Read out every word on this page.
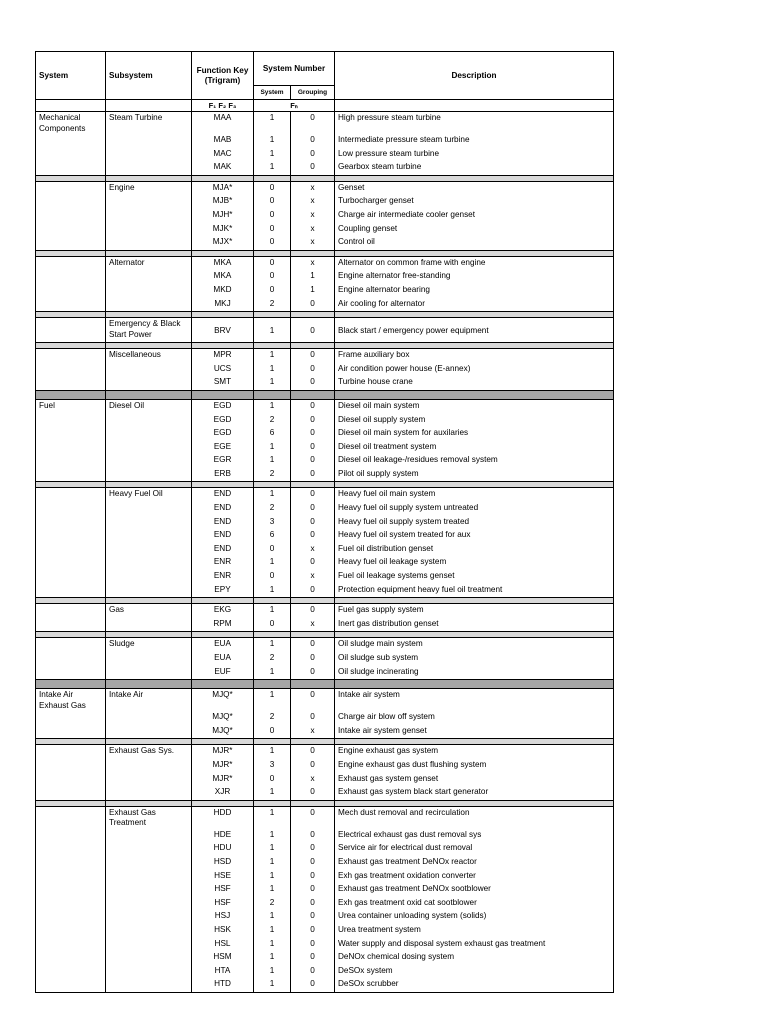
System	Subsystem	Function Key (Trigram)	System Number		Description
			System	Grouping	
		F₁ F₂ F₃	Fₙ		
Mechanical Components	Steam Turbine	MAA	1	0	High pressure steam turbine
		MAB	1	0	Intermediate pressure steam turbine
		MAC	1	0	Low pressure steam turbine
		MAK	1	0	Gearbox steam turbine

	Engine	MJA*	0	x	Genset
		MJB*	0	x	Turbocharger genset
		MJH*	0	x	Charge air intermediate cooler genset
		MJK*	0	x	Coupling genset
		MJX*	0	x	Control oil

	Alternator	MKA	0	x	Alternator on common frame with engine
		MKA	0	1	Engine alternator free-standing
		MKD	0	1	Engine alternator bearing
		MKJ	2	0	Air cooling for alternator

	Emergency & Black Start Power	BRV	1	0	Black start / emergency power equipment

	Miscellaneous	MPR	1	0	Frame auxiliary box
		UCS	1	0	Air condition power house (E-annex)
		SMT	1	0	Turbine house crane

Fuel	Diesel Oil	EGD	1	0	Diesel oil main system
		EGD	2	0	Diesel oil supply system
		EGD	6	0	Diesel oil main system for auxilaries
		EGE	1	0	Diesel oil treatment system
		EGR	1	0	Diesel oil leakage-/residues removal system
		ERB	2	0	Pilot oil supply system

	Heavy Fuel Oil	END	1	0	Heavy fuel oil main system
		END	2	0	Heavy fuel oil supply system untreated
		END	3	0	Heavy fuel oil supply system treated
		END	6	0	Heavy fuel oil system treated for aux
		END	0	x	Fuel oil distribution genset
		ENR	1	0	Heavy fuel oil leakage system
		ENR	0	x	Fuel oil leakage systems genset
		EPY	1	0	Protection equipment heavy fuel oil treatment

	Gas	EKG	1	0	Fuel gas supply system
		RPM	0	x	Inert gas distribution genset

	Sludge	EUA	1	0	Oil sludge main system
		EUA	2	0	Oil sludge sub system
		EUF	1	0	Oil sludge incinerating

Intake Air Exhaust Gas	Intake Air	MJQ*	1	0	Intake air system
		MJQ*	2	0	Charge air blow off system
		MJQ*	0	x	Intake air system genset

	Exhaust Gas Sys.	MJR*	1	0	Engine exhaust gas system
		MJR*	3	0	Engine exhaust gas dust flushing system
		MJR*	0	x	Exhaust gas system genset
		XJR	1	0	Exhaust gas system black start generator

	Exhaust Gas Treatment	HDD	1	0	Mech dust removal and recirculation
		HDE	1	0	Electrical exhaust gas dust removal sys
		HDU	1	0	Service air for electrical dust removal
		HSD	1	0	Exhaust gas treatment DeNOx reactor
		HSE	1	0	Exh gas treatment oxidation converter
		HSF	1	0	Exhaust gas treatment DeNOx sootblower
		HSF	2	0	Exh gas treatment oxid cat sootblower
		HSJ	1	0	Urea container unloading system (solids)
		HSK	1	0	Urea treatment system
		HSL	1	0	Water supply and disposal system exhaust gas treatment
		HSM	1	0	DeNOx chemical dosing system
		HTA	1	0	DeSOx system
		HTD	1	0	DeSOx scrubber
